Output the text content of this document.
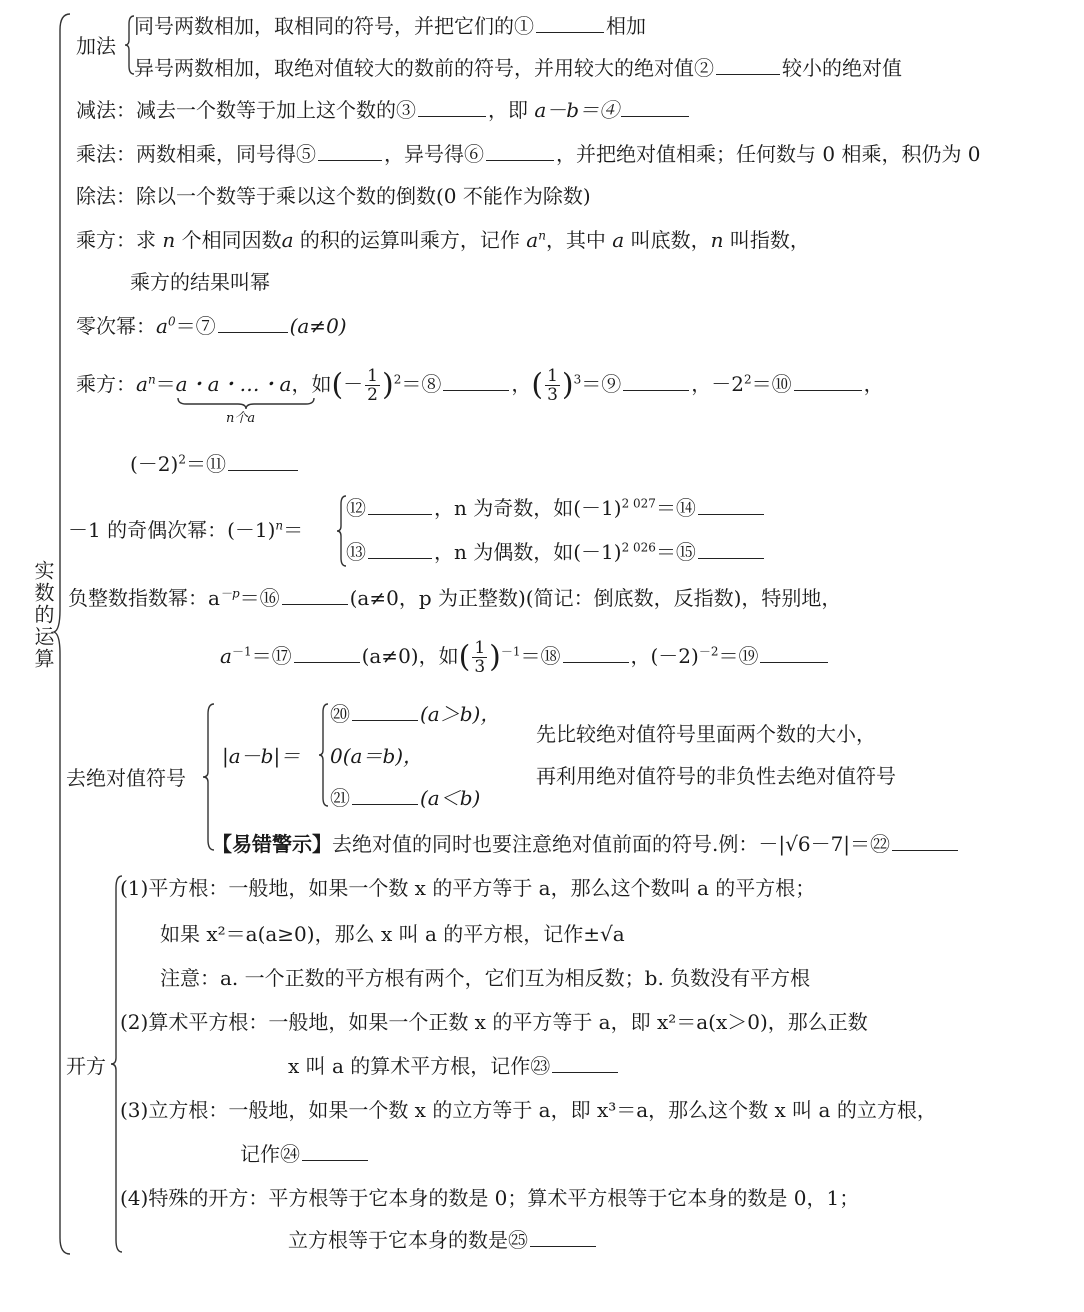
实数的运算
加法
同号两数相加，取相同的符号，并把它们的①	相加
异号两数相加，取绝对值较大的数前的符号，并用较大的绝对值②	较小的绝对值
减法：减去一个数等于加上这个数的③	，即 a－b＝④
乘法：两数相乘，同号得⑤	，异号得⑥	，并把绝对值相乘；任何数与 0 相乘，积仍为 0
除法：除以一个数等于乘以这个数的倒数(0 不能作为除数)
乘方：求 n 个相同因数a 的积的运算叫乘方，记作 $a^n$，其中 a 叫底数，n 叫指数，
乘方的结果叫幂
零次幂：$a^0=⑦$	(a≠0)
乘方：$a^n=a$・a・…・a，如(－ $\frac{1}{2}$ )$^2$＝⑧	，( $\frac{1}{3}$ )$^3$＝⑨	，$-2^2=⑩$	，
n个a
$(-2)^2=⑪$
－1 的奇偶次幂：$(-1)^n=$
⑫	，n 为奇数，如$(-1)^{2 027}=⑭$
⑬	，n 为偶数，如$(-1)^{2 026}=⑮$
负整数指数幂：$a^{-p}=⑯$	(a≠0，p 为正整数)(简记：倒底数，反指数)，特别地，
$a^{-1}=⑰$	(a≠0)，如( $\frac{1}{3}$ )$^{-1}$＝⑱	，$(-2)^{-2}=⑲$
去绝对值符号
|a－b|＝
⑳	(a＞b)，
0(a＝b)，
㉑	(a＜b)
先比较绝对值符号里面两个数的大小，
再利用绝对值符号的非负性去绝对值符号
【易错警示】去绝对值的同时也要注意绝对值前面的符号.例：－|√6－7|＝㉒
开方
(1)平方根：一般地，如果一个数 x 的平方等于 a，那么这个数叫 a 的平方根；
如果 x²＝a(a≥0)，那么 x 叫 a 的平方根，记作±√a
注意：a. 一个正数的平方根有两个，它们互为相反数；b. 负数没有平方根
(2)算术平方根：一般地，如果一个正数 x 的平方等于 a，即 x²＝a(x＞0)，那么正数
x 叫 a 的算术平方根，记作㉓
(3)立方根：一般地，如果一个数 x 的立方等于 a，即 x³＝a，那么这个数 x 叫 a 的立方根，
记作㉔
(4)特殊的开方：平方根等于它本身的数是 0；算术平方根等于它本身的数是 0，1；
立方根等于它本身的数是㉕
